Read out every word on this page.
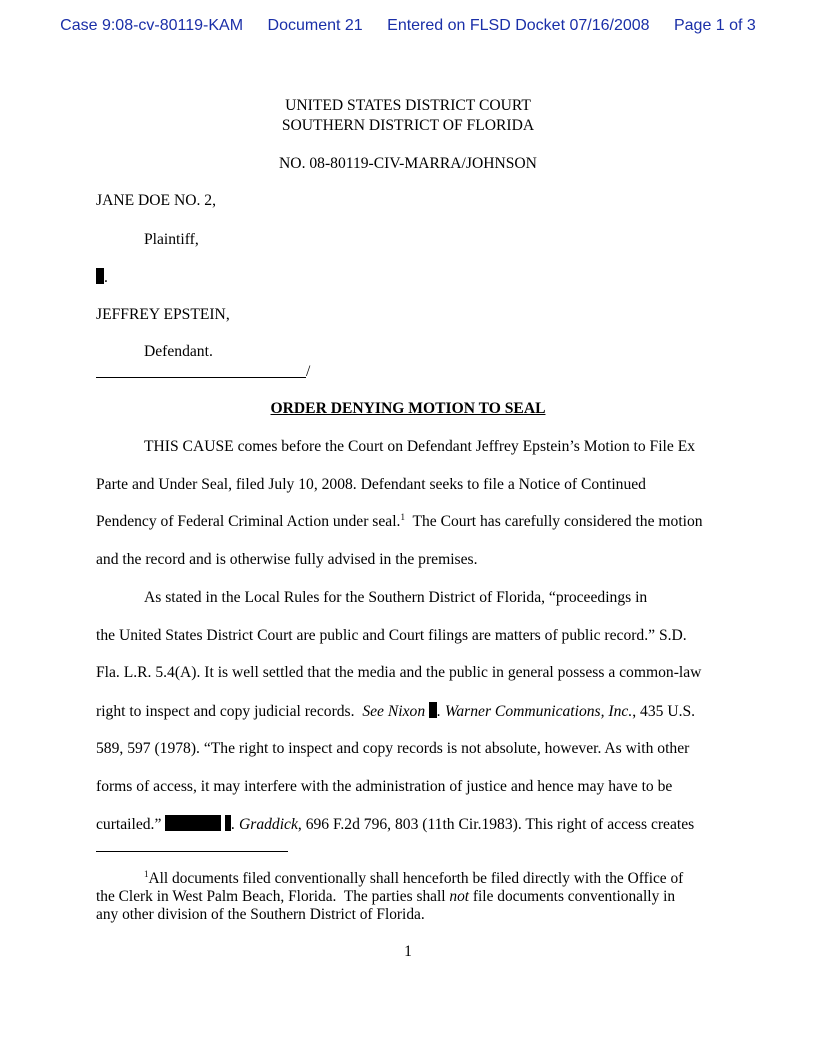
Case 9:08-cv-80119-KAM Document 21 Entered on FLSD Docket 07/16/2008 Page 1 of 3
UNITED STATES DISTRICT COURT
SOUTHERN DISTRICT OF FLORIDA
NO. 08-80119-CIV-MARRA/JOHNSON
JANE DOE NO. 2,
Plaintiff,
.
JEFFREY EPSTEIN,
Defendant.
/
ORDER DENYING MOTION TO SEAL
THIS CAUSE comes before the Court on Defendant Jeffrey Epstein’s Motion to File Ex
Parte and Under Seal, filed July 10, 2008. Defendant seeks to file a Notice of Continued
Pendency of Federal Criminal Action under seal.$^1$  The Court has carefully considered the motion
and the record and is otherwise fully advised in the premises.
As stated in the Local Rules for the Southern District of Florida, “proceedings in
the United States District Court are public and Court filings are matters of public record.” S.D.
Fla. L.R. 5.4(A). It is well settled that the media and the public in general possess a common-law
right to inspect and copy judicial records.  See Nixon . Warner Communications, Inc., 435 U.S.
589, 597 (1978). “The right to inspect and copy records is not absolute, however. As with other
forms of access, it may interfere with the administration of justice and hence may have to be
curtailed.”	. Graddick, 696 F.2d 796, 803 (11th Cir.1983). This right of access creates
$^1$All documents filed conventionally shall henceforth be filed directly with the Office of
the Clerk in West Palm Beach, Florida.  The parties shall not file documents conventionally in
any other division of the Southern District of Florida.
1
